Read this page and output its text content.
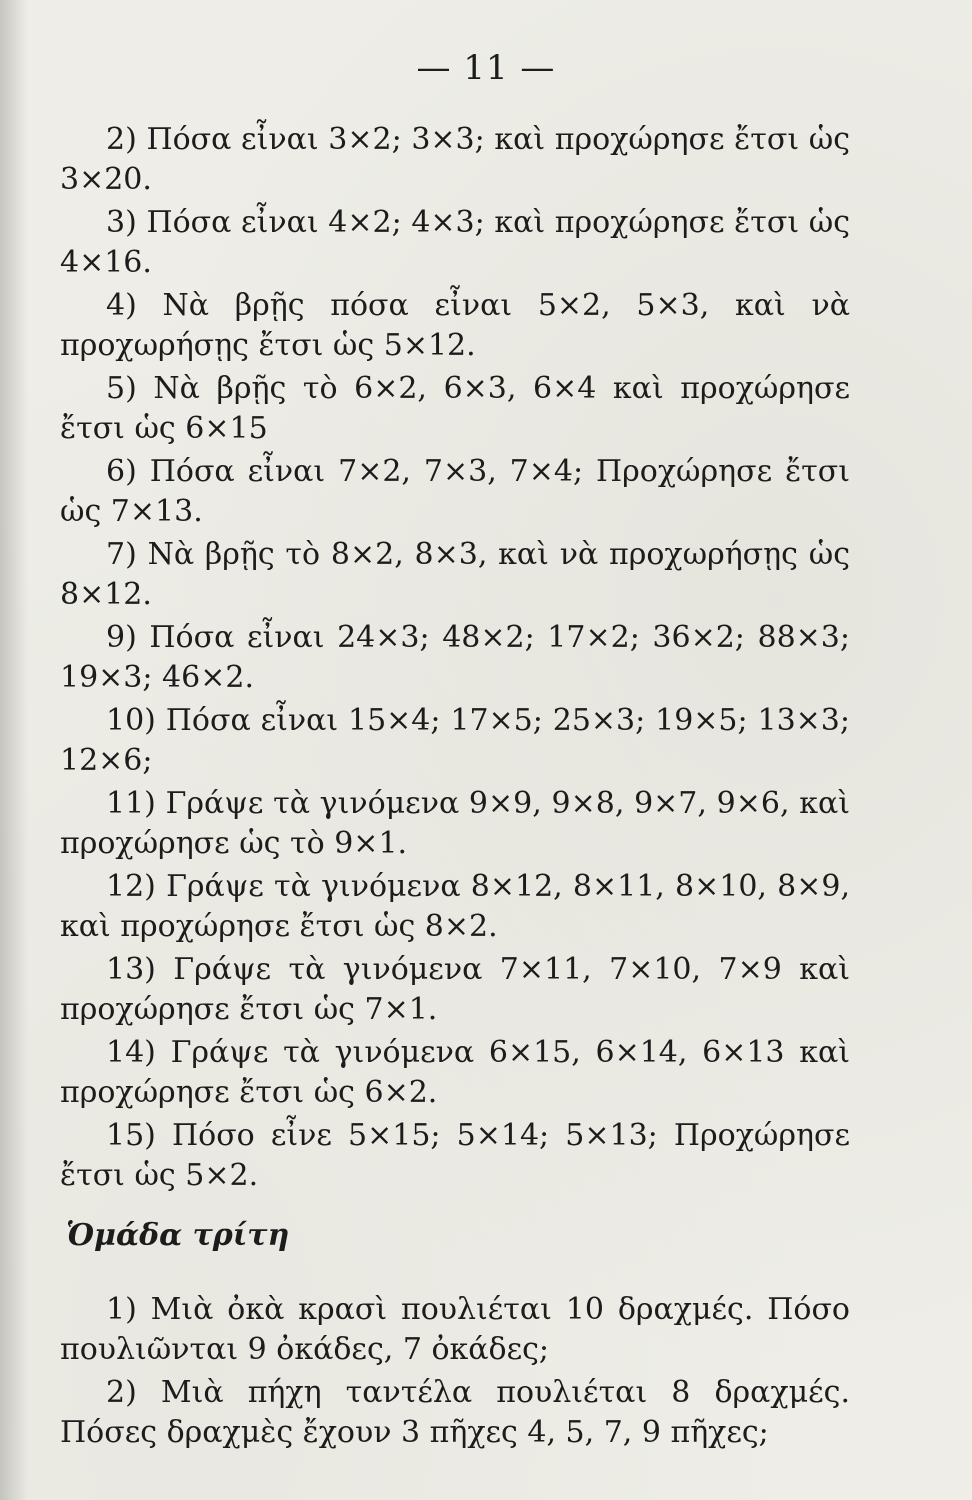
— 11 —

2) Πόσα εἶναι 3×2; 3×3; καὶ προχώρησε ἔτσι ὡς 3×20.

3) Πόσα εἶναι 4×2; 4×3; καὶ προχώρησε ἔτσι ὡς 4×16.

4) Νὰ βρῇς πόσα εἶναι 5×2, 5×3, καὶ νὰ προχωρήσῃς ἔτσι ὡς 5×12.

5) Νὰ βρῇς τὸ 6×2, 6×3, 6×4 καὶ προχώρησε ἔτσι ὡς 6×15

6) Πόσα εἶναι 7×2, 7×3, 7×4; Προχώρησε ἔτσι ὡς 7×13.

7) Νὰ βρῇς τὸ 8×2, 8×3, καὶ νὰ προχωρήσῃς ὡς 8×12.

9) Πόσα εἶναι 24×3; 48×2; 17×2; 36×2; 88×3; 19×3; 46×2.

10) Πόσα εἶναι 15×4; 17×5; 25×3; 19×5; 13×3; 12×6;

11) Γράψε τὰ γινόμενα 9×9, 9×8, 9×7, 9×6, καὶ προχώρησε ὡς τὸ 9×1.

12) Γράψε τὰ γινόμενα 8×12, 8×11, 8×10, 8×9, καὶ προχώρησε ἔτσι ὡς 8×2.

13) Γράψε τὰ γινόμενα 7×11, 7×10, 7×9 καὶ προχώρησε ἔτσι ὡς 7×1.

14) Γράψε τὰ γινόμενα 6×15, 6×14, 6×13 καὶ προχώρησε ἔτσι ὡς 6×2.

15) Πόσο εἶνε 5×15; 5×14; 5×13; Προχώρησε ἔτσι ὡς 5×2.

Ὁμάδα τρίτη

1) Μιὰ ὀκὰ κρασὶ πουλιέται 10 δραχμές. Πόσο πουλιῶνται 9 ὀκάδες, 7 ὀκάδες;

2) Μιὰ πήχη ταντέλα πουλιέται 8 δραχμές. Πόσες δραχμὲς ἔχουν 3 πῆχες 4, 5, 7, 9 πῆχες;
